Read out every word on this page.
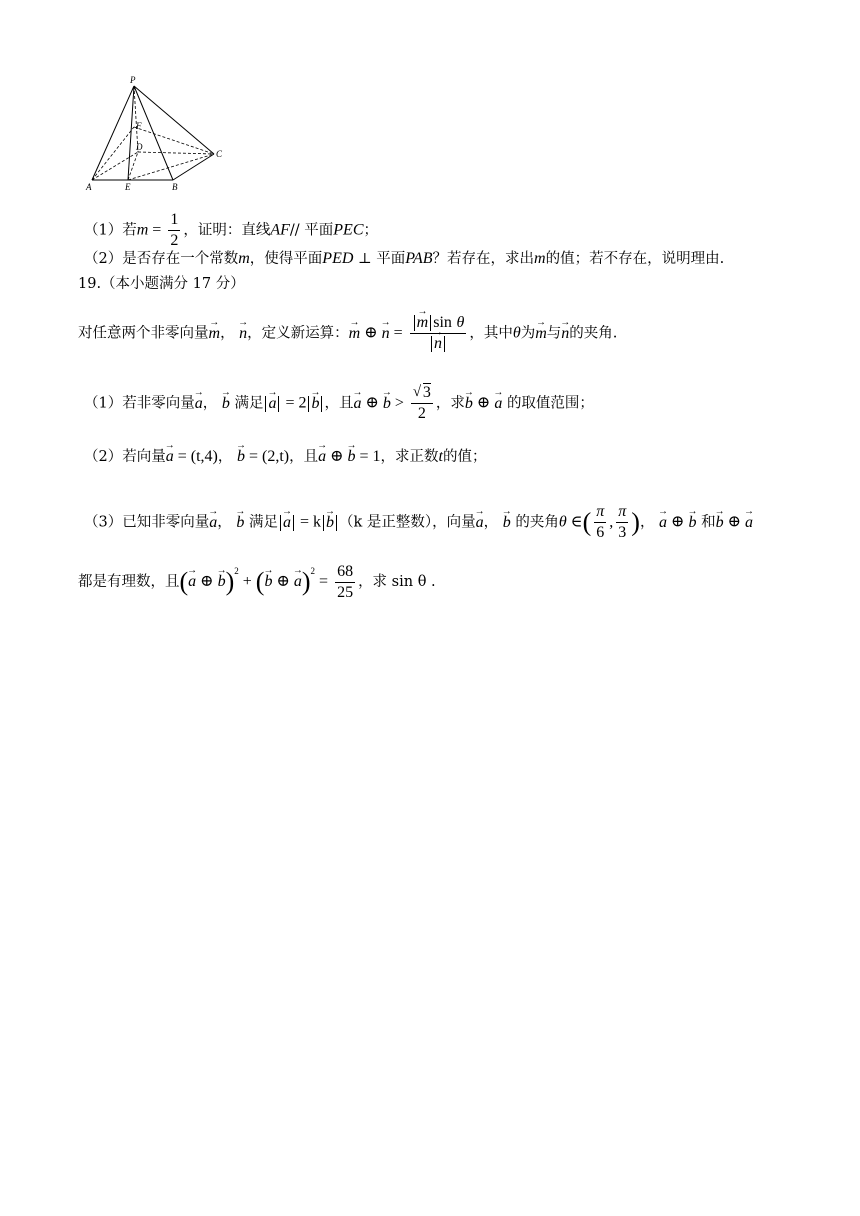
P
F
D
C
A	E	B
（1）若$m = \frac{1}{2}$ ，证明：直线AF// 平面PEC；
（2）是否存在一个常数m，使得平面PED ⊥ 平面PAB？若存在，求出m的值；若不存在，说明理由.
19.（本小题满分 17 分）
对任意两个非零向量→ m， → n，定义新运算：→ m ⊕ → n = → m sin θ
→ n ，其中θ为→ m与→ n的夹角.
（1）若非零向量→ a， → b 满足 → a = 2 → b ，且→ a ⊕ → b > √ $\frac{3}{2}$ ，求→ b ⊕ → a 的取值范围；
（2）若向量→ a = (t,4)， → b = (2,t)，且→ a ⊕ → b = 1，求正数t的值；
（3）已知非零向量→ a， → b 满足 → a = k → b （k 是正整数），向量→ a， → b 的夹角θ ∈( $\frac{\pi}{6}$ , $\frac{\pi}{3}$ )， → a ⊕ → b 和→ b ⊕ → a
都是有理数，且(→ a ⊕ → b)$^2$ + (→ b ⊕ → $a)^2 = \frac{68}{25}$ ，求 sin θ .
